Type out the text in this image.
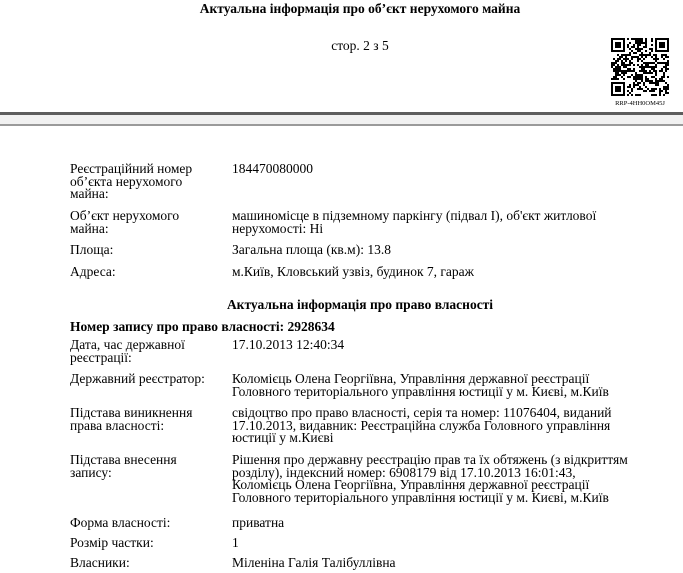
Актуальна інформація про об’єкт нерухомого майна
стор. 2 з 5
RRP-4HH0OM45J
Реєстраційний номер об’єкта нерухомого майна:
184470080000
Об’єкт нерухомого майна:
машиномісце в підземному паркінгу (підвал I), об'єкт житлової нерухомості: Ні
Площа:	Загальна площа (кв.м): 13.8
Адреса:	м.Київ, Кловський узвіз, будинок 7, гараж
Актуальна інформація про право власності
Номер запису про право власності: 2928634
Дата, час державної реєстрації:
17.10.2013 12:40:34
Державний реєстратор:	Коломієць Олена Георгіївна, Управління державної реєстрації Головного територіального управління юстиції у м. Києві, м.Київ
Підстава виникнення права власності:
свідоцтво про право власності, серія та номер: 11076404, виданий 17.10.2013, видавник: Реєстраційна служба Головного управління юстиції у м.Києві
Підстава внесення запису:
Рішення про державну реєстрацію прав та їх обтяжень (з відкриттям розділу), індексний номер: 6908179 від 17.10.2013 16:01:43, Коломієць Олена Георгіївна, Управління державної реєстрації Головного територіального управління юстиції у м. Києві, м.Київ
Форма власності:	приватна
Розмір частки:	1
Власники:	Міленіна Галія Талібуллівна
